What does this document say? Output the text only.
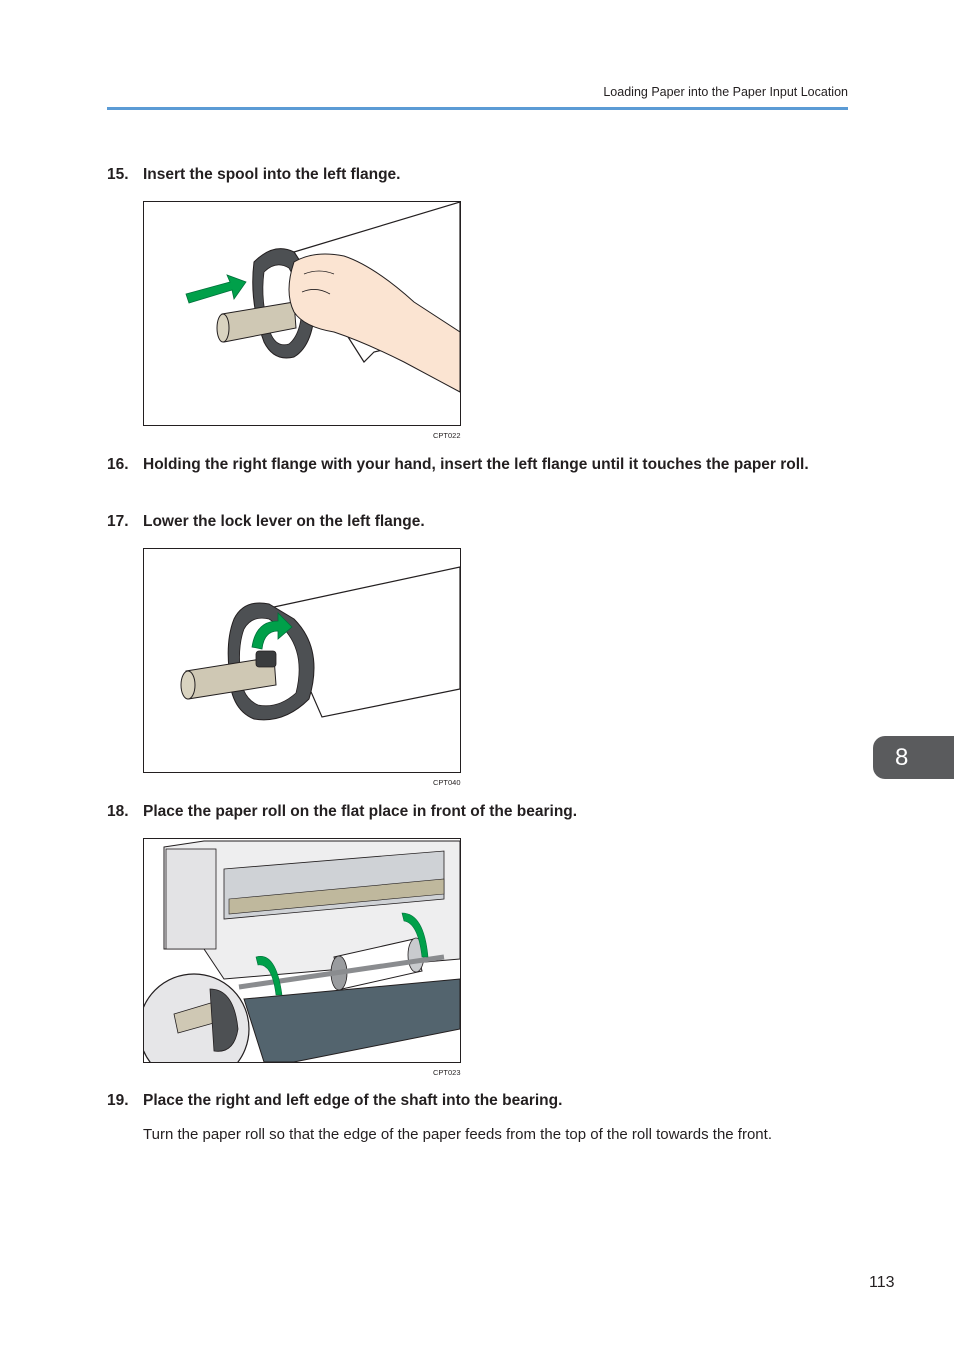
Loading Paper into the Paper Input Location
15. Insert the spool into the left flange.
CPT022
16. Holding the right flange with your hand, insert the left flange until it touches the paper roll.
17. Lower the lock lever on the left flange.
CPT040
18. Place the paper roll on the flat place in front of the bearing.
CPT023
19. Place the right and left edge of the shaft into the bearing.
Turn the paper roll so that the edge of the paper feeds from the top of the roll towards the front.
8
113
